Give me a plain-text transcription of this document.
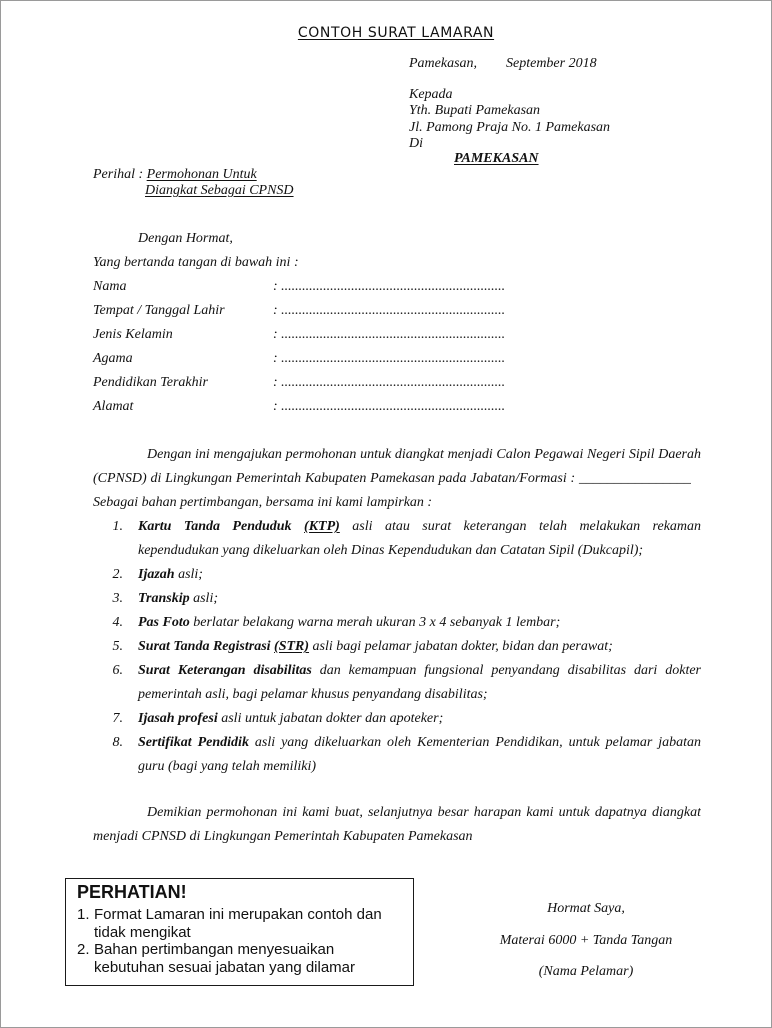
CONTOH SURAT LAMARAN
Pamekasan, September 2018
Kepada
Yth. Bupati Pamekasan
Jl. Pamong Praja No. 1 Pamekasan
Di
PAMEKASAN
Perihal : Permohonan Untuk
Diangkat Sebagai CPNSD
Dengan Hormat,
Yang bertanda tangan di bawah ini :
Nama	: ................................................................
Tempat / Tanggal Lahir	: ................................................................
Jenis Kelamin	: ................................................................
Agama	: ................................................................
Pendidikan Terakhir	: ................................................................
Alamat	: ................................................................
Dengan ini mengajukan permohonan untuk diangkat menjadi Calon Pegawai Negeri Sipil Daerah
(CPNSD) di Lingkungan Pemerintah Kabupaten Pamekasan pada Jabatan/Formasi : ________________
Sebagai bahan pertimbangan, bersama ini kami lampirkan :
1. Kartu Tanda Penduduk (KTP) asli atau surat keterangan telah melakukan rekaman
kependudukan yang dikeluarkan oleh Dinas Kependudukan dan Catatan Sipil (Dukcapil);
2. Ijazah asli;
3. Transkip asli;
4. Pas Foto berlatar belakang warna merah ukuran 3 x 4 sebanyak 1 lembar;
5. Surat Tanda Registrasi (STR) asli bagi pelamar jabatan dokter, bidan dan perawat;
6. Surat Keterangan disabilitas dan kemampuan fungsional penyandang disabilitas dari dokter
pemerintah asli, bagi pelamar khusus penyandang disabilitas;
7. Ijasah profesi asli untuk jabatan dokter dan apoteker;
8. Sertifikat Pendidik asli yang dikeluarkan oleh Kementerian Pendidikan, untuk pelamar jabatan
guru (bagi yang telah memiliki)
Demikian permohonan ini kami buat, selanjutnya besar harapan kami untuk dapatnya diangkat
menjadi CPNSD di Lingkungan Pemerintah Kabupaten Pamekasan
PERHATIAN!
1. Format Lamaran ini merupakan contoh dan
tidak mengikat
2. Bahan pertimbangan menyesuaikan
kebutuhan sesuai jabatan yang dilamar
Hormat Saya,
Materai 6000 + Tanda Tangan
(Nama Pelamar)
